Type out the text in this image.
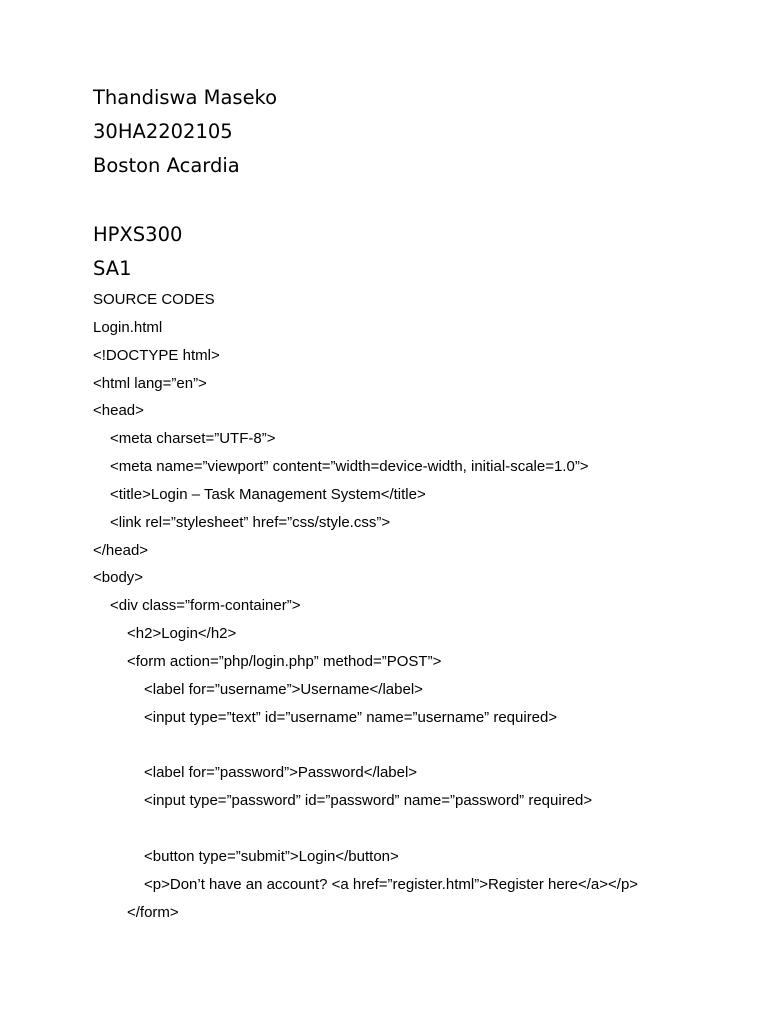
Thandiswa Maseko
30HA2202105
Boston Acardia
HPXS300
SA1
SOURCE CODES
Login.html
<!DOCTYPE html>
<html lang=”en”>
<head>
<meta charset=”UTF-8”>
<meta name=”viewport” content=”width=device-width, initial-scale=1.0”>
<title>Login – Task Management System</title>
<link rel=”stylesheet” href=”css/style.css”>
</head>
<body>
<div class=”form-container”>
<h2>Login</h2>
<form action=”php/login.php” method=”POST”>
<label for=”username”>Username</label>
<input type=”text” id=”username” name=”username” required>
<label for=”password”>Password</label>
<input type=”password” id=”password” name=”password” required>
<button type=”submit”>Login</button>
<p>Don’t have an account? <a href=”register.html”>Register here</a></p>
</form>
